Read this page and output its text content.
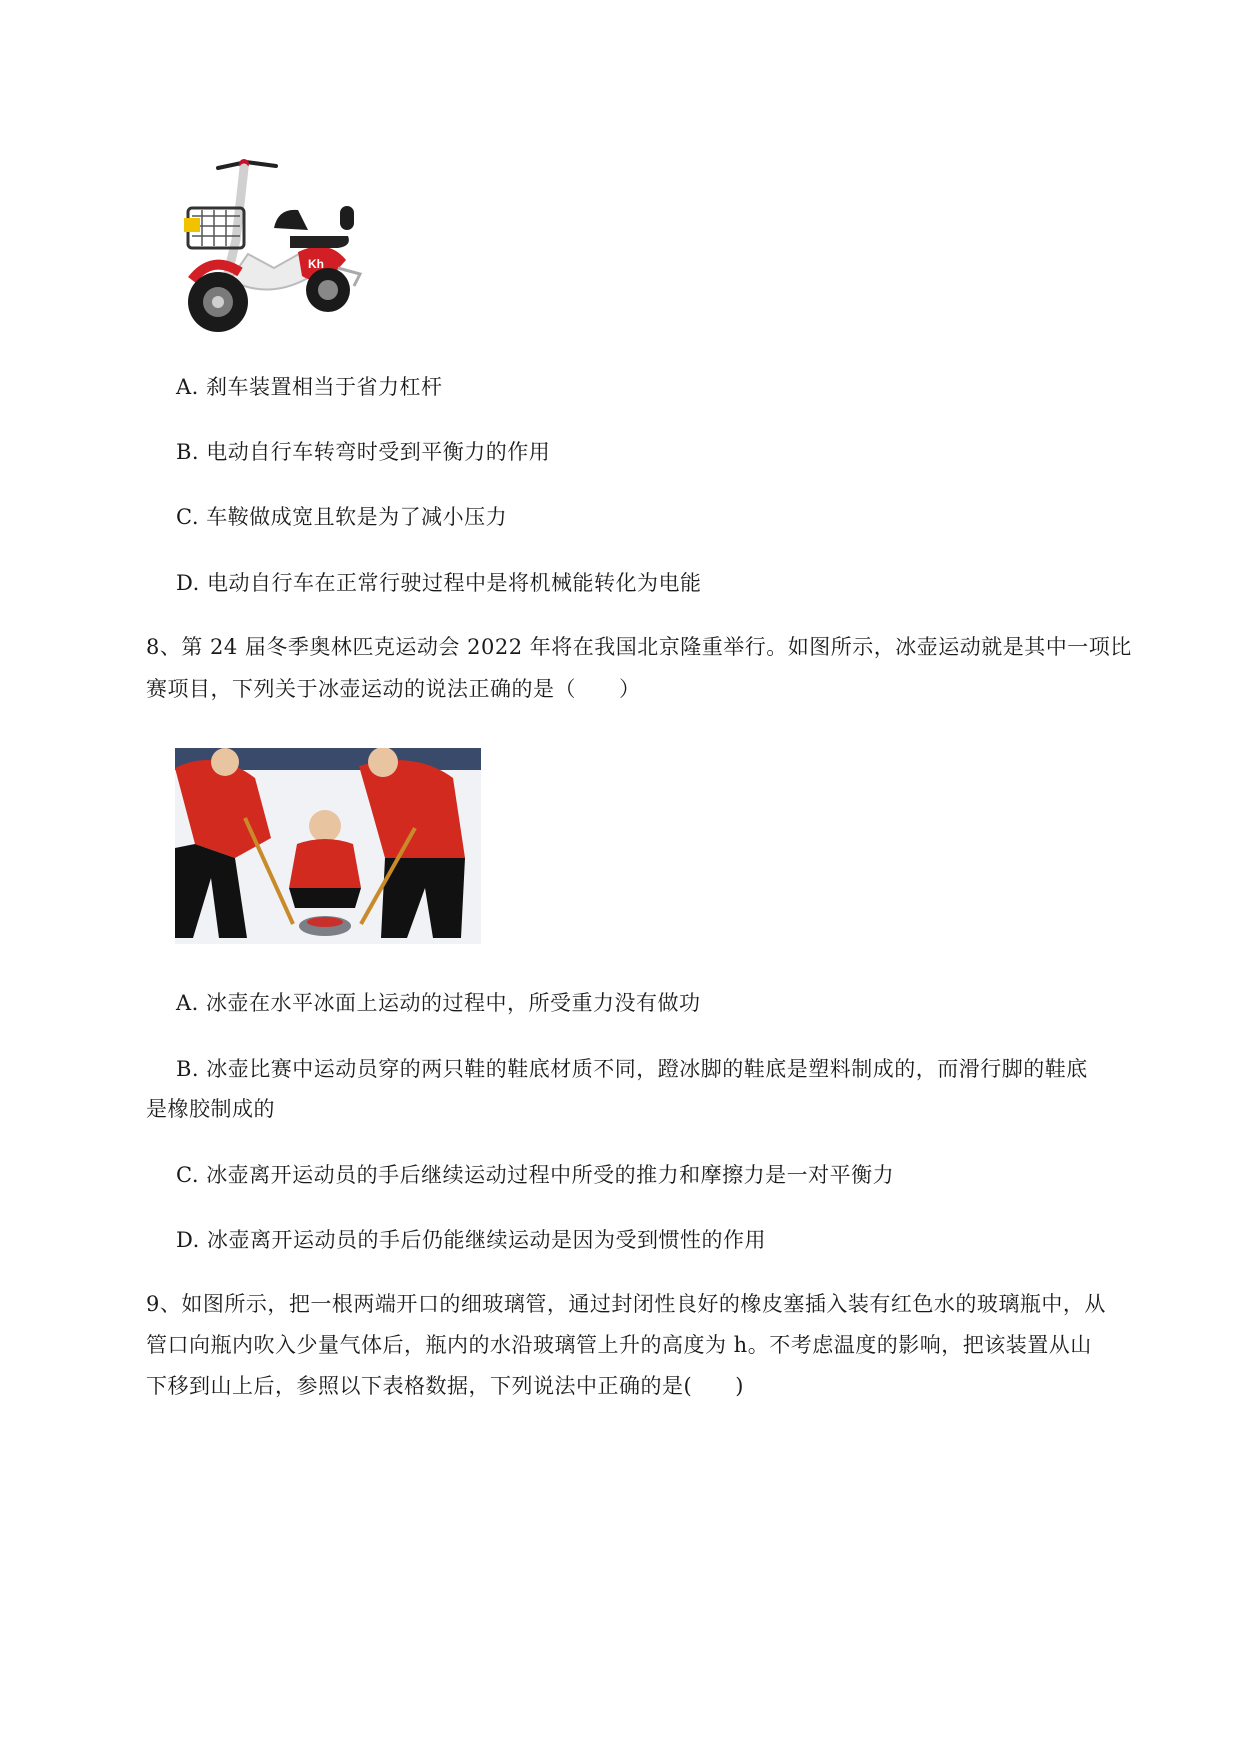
Kh
A. 刹车装置相当于省力杠杆
B. 电动自行车转弯时受到平衡力的作用
C. 车鞍做成宽且软是为了减小压力
D. 电动自行车在正常行驶过程中是将机械能转化为电能
8、第 24 届冬季奥林匹克运动会 2022 年将在我国北京隆重举行。如图所示，冰壶运动就是其中一项比
赛项目，下列关于冰壶运动的说法正确的是（　　）
A. 冰壶在水平冰面上运动的过程中，所受重力没有做功
B. 冰壶比赛中运动员穿的两只鞋的鞋底材质不同，蹬冰脚的鞋底是塑料制成的，而滑行脚的鞋底
是橡胶制成的
C. 冰壶离开运动员的手后继续运动过程中所受的推力和摩擦力是一对平衡力
D. 冰壶离开运动员的手后仍能继续运动是因为受到惯性的作用
9、如图所示，把一根两端开口的细玻璃管，通过封闭性良好的橡皮塞插入装有红色水的玻璃瓶中，从
管口向瓶内吹入少量气体后，瓶内的水沿玻璃管上升的高度为 h。不考虑温度的影响，把该装置从山
下移到山上后，参照以下表格数据，下列说法中正确的是(　　)
